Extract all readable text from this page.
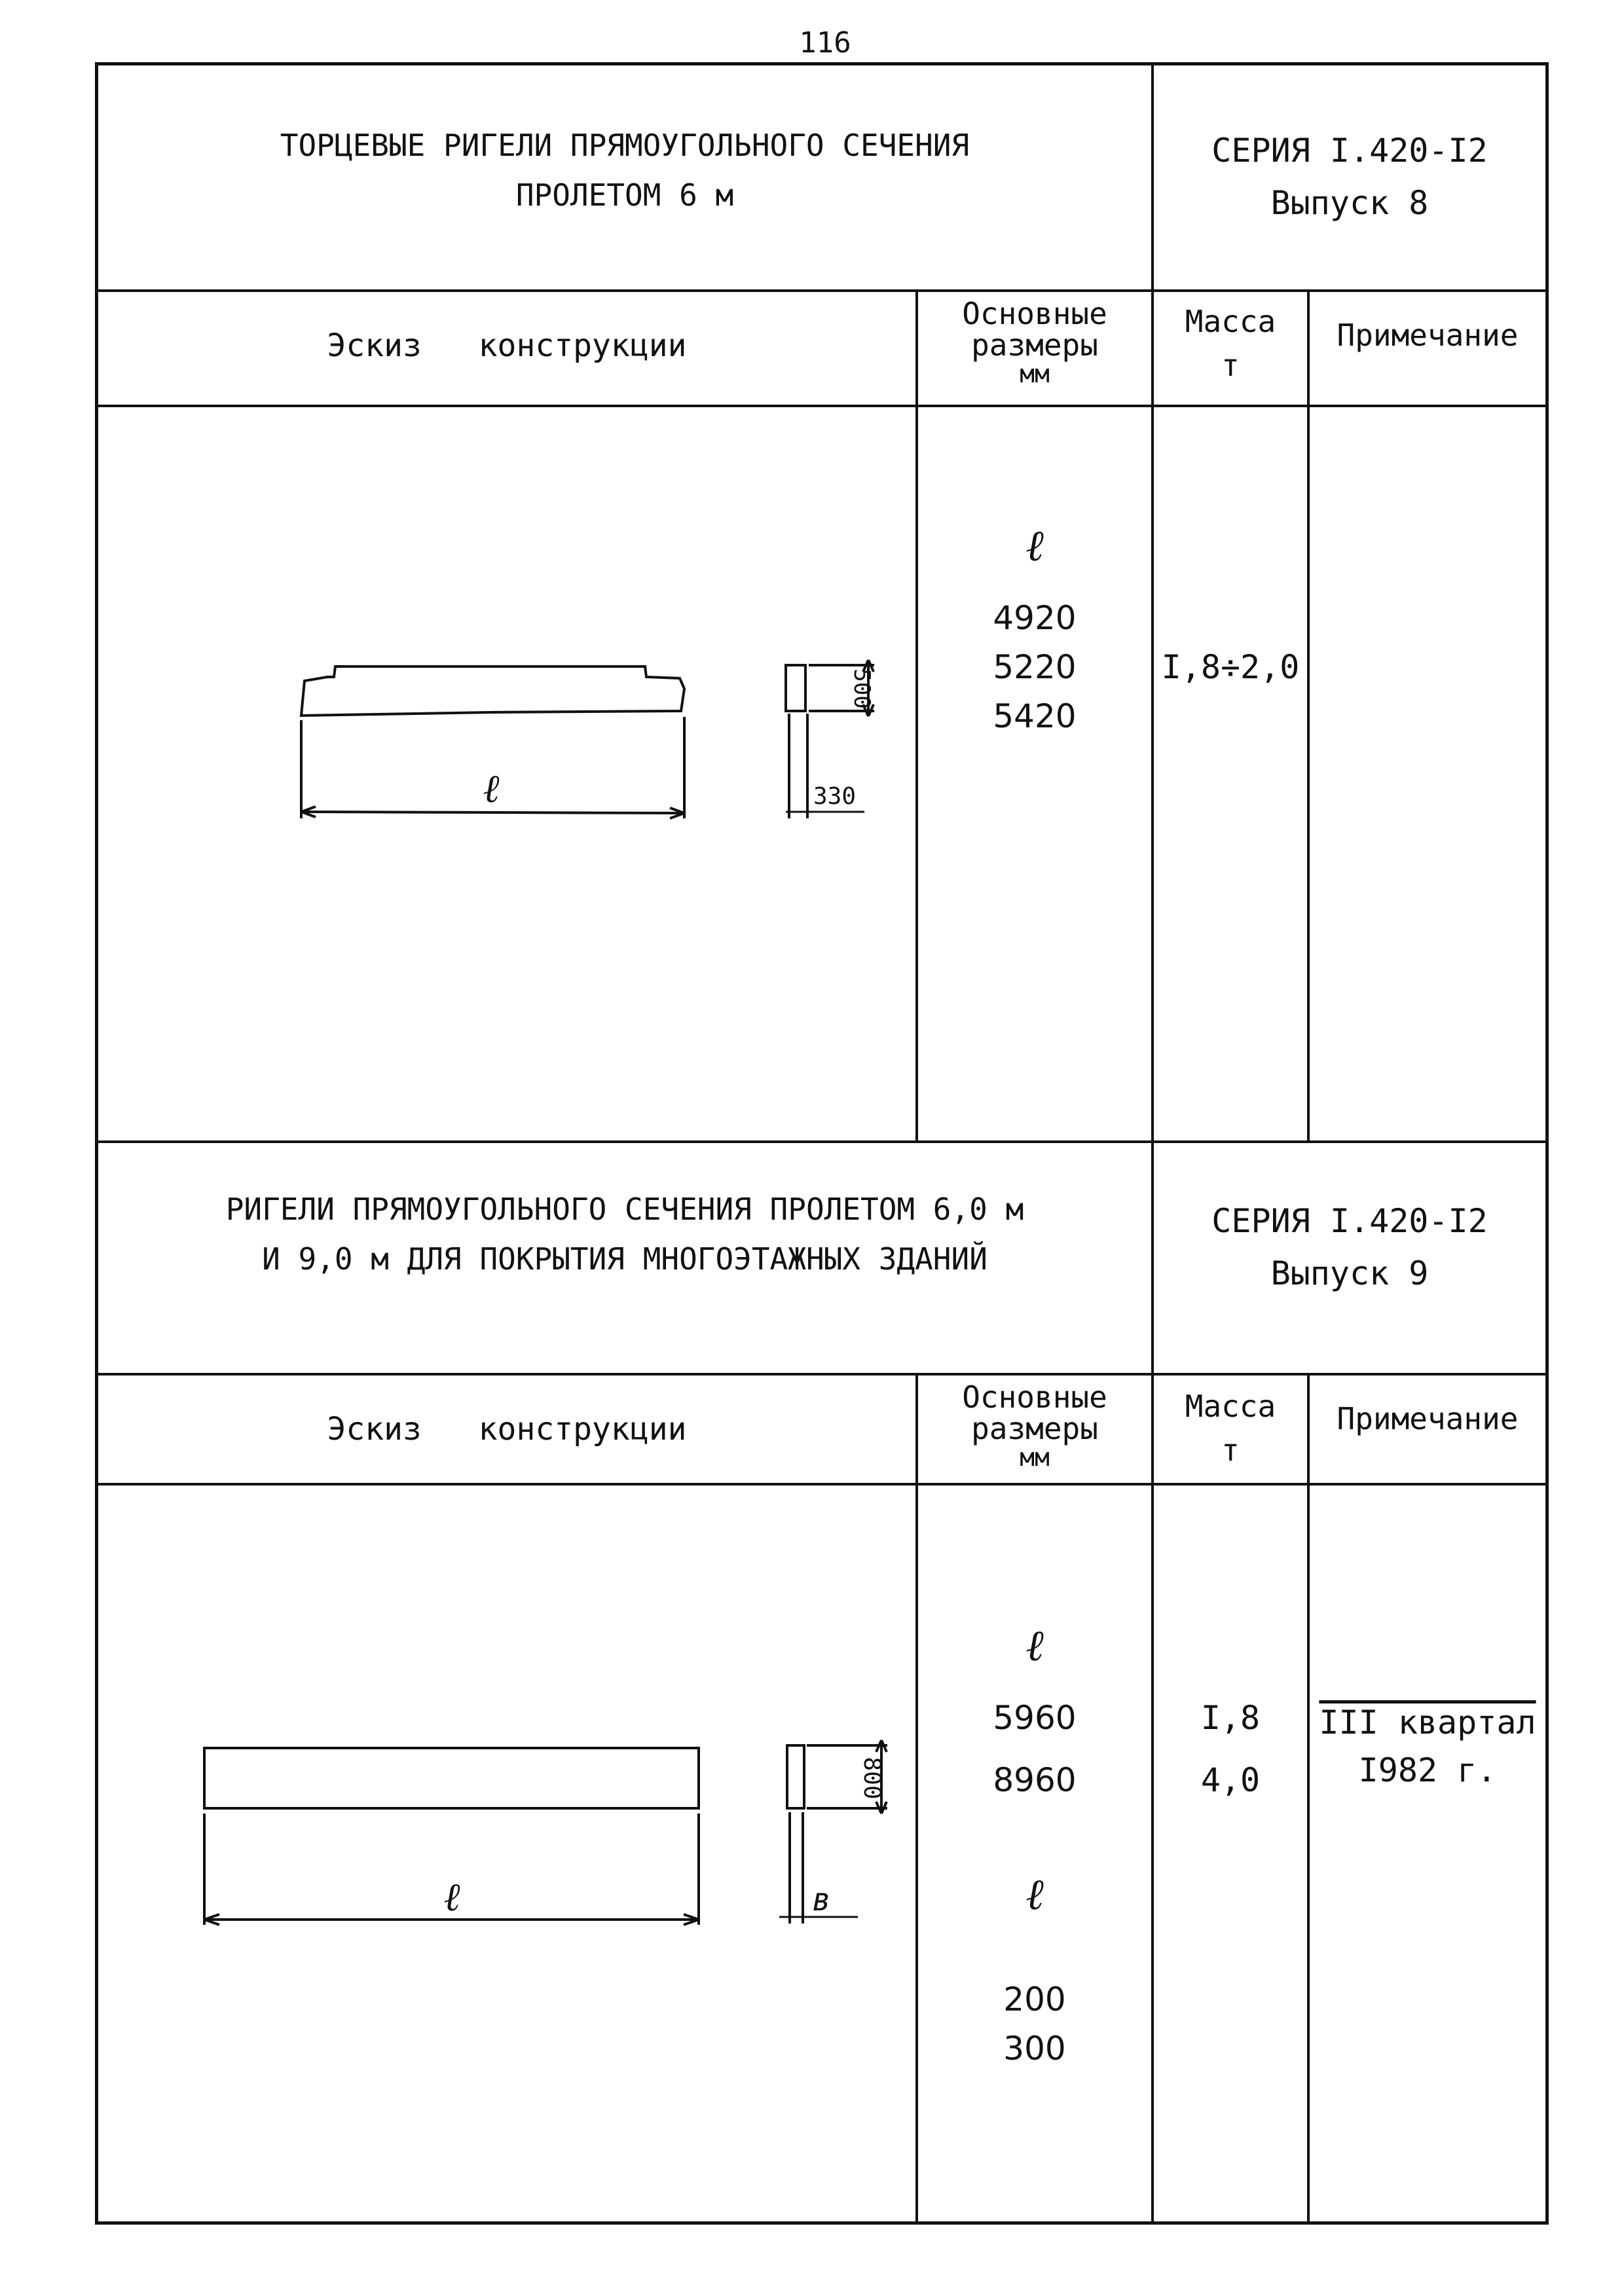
116
ТОРЦЕВЫЕ РИГЕЛИ ПРЯМОУГОЛЬНОГО СЕЧЕНИЯ
ПРОЛЕТОМ 6 м
СЕРИЯ I.420-I2
Выпуск 8
Эскиз   конструкции
Основные
размеры
мм
Масса
т
Примечание
ℓ
4920
5220
5420
I,8÷2,0
ℓ
500
330
РИГЕЛИ ПРЯМОУГОЛЬНОГО СЕЧЕНИЯ ПРОЛЕТОМ 6,0 м
И 9,0 м ДЛЯ ПОКРЫТИЯ МНОГОЭТАЖНЫХ ЗДАНИЙ
СЕРИЯ I.420-I2
Выпуск 9
Эскиз   конструкции
Основные
размеры
мм
Масса
т
Примечание
ℓ
5960
8960
ℓ
200
300
I,8
4,0
III квартал
I982 г.
ℓ
800
в
